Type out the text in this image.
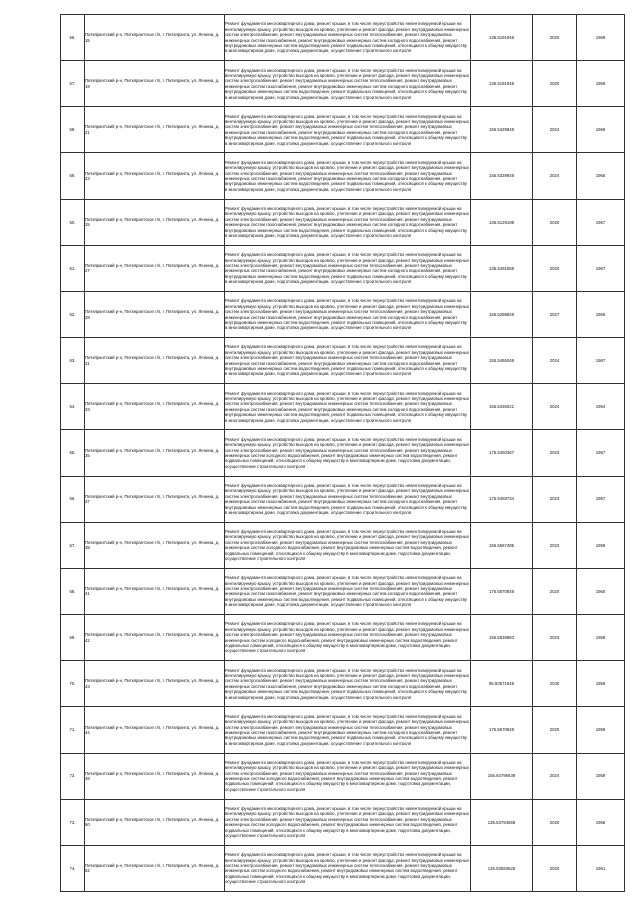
56.	Питкярантский р-н, Питкярантское г/п, г. Питкяранта, ул. Ленина, д. 15	Ремонт фундамента многоквартирного дома, ремонт крыши, в том числе переустройство невентилируемой крыши на вентилируемую крышу, устройство выходов на кровлю, утепление и ремонт фасада, ремонт внутридомовых инженерных систем электроснабжения, ремонт внутридомовых инженерных систем теплоснабжения, ремонт внутридомовых инженерных систем газоснабжения, ремонт внутридомовых инженерных систем холодного водоснабжения, ремонт внутридомовых инженерных систем водоотведения, ремонт подвальных помещений, относящихся к общему имуществу в многоквартирном доме, подготовка документации, осуществление строительного контроля	135.5191948	2020	1969
57.	Питкярантский р-н, Питкярантское г/п, г. Питкяранта, ул. Ленина, д. 19	Ремонт фундамента многоквартирного дома, ремонт крыши, в том числе переустройство невентилируемой крыши на вентилируемую крышу, устройство выходов на кровлю, утепление и ремонт фасада, ремонт внутридомовых инженерных систем электроснабжения, ремонт внутридомовых инженерных систем теплоснабжения, ремонт внутридомовых инженерных систем газоснабжения, ремонт внутридомовых инженерных систем холодного водоснабжения, ремонт внутридомовых инженерных систем водоотведения, ремонт подвальных помещений, относящихся к общему имуществу в многоквартирном доме, подготовка документации, осуществление строительного контроля	135.5191948	2020	1969
58.	Питкярантский р-н, Питкярантское г/п, г. Питкяранта, ул. Ленина, д. 21	Ремонт фундамента многоквартирного дома, ремонт крыши, в том числе переустройство невентилируемой крыши на вентилируемую крышу, устройство выходов на кровлю, утепление и ремонт фасада, ремонт внутридомовых инженерных систем электроснабжения, ремонт внутридомовых инженерных систем теплоснабжения, ремонт внутридомовых инженерных систем газоснабжения, ремонт внутридомовых инженерных систем холодного водоснабжения, ремонт внутридомовых инженерных систем водоотведения, ремонт подвальных помещений, относящихся к общему имуществу в многоквартирном доме, подготовка документации, осуществление строительного контроля	155.5429848	2024	1969
59.	Питкярантский р-н, Питкярантское г/п, г. Питкяранта, ул. Ленина, д. 23	Ремонт фундамента многоквартирного дома, ремонт крыши, в том числе переустройство невентилируемой крыши на вентилируемую крышу, устройство выходов на кровлю, утепление и ремонт фасада, ремонт внутридомовых инженерных систем электроснабжения, ремонт внутридомовых инженерных систем теплоснабжения, ремонт внутридомовых инженерных систем газоснабжения, ремонт внутридомовых инженерных систем холодного водоснабжения, ремонт внутридомовых инженерных систем водоотведения, ремонт подвальных помещений, относящихся к общему имуществу в многоквартирном доме, подготовка документации, осуществление строительного контроля	155.5329848	2024	1966
60.	Питкярантский р-н, Питкярантское г/п, г. Питкяранта, ул. Ленина, д. 25	Ремонт фундамента многоквартирного дома, ремонт крыши, в том числе переустройство невентилируемой крыши на вентилируемую крышу, устройство выходов на кровлю, утепление и ремонт фасада, ремонт внутридомовых инженерных систем электроснабжения, ремонт внутридомовых инженерных систем теплоснабжения, ремонт внутридомовых инженерных систем газоснабжения, ремонт внутридомовых инженерных систем холодного водоснабжения, ремонт внутридомовых инженерных систем водоотведения, ремонт подвальных помещений, относящихся к общему имуществу в многоквартирном доме, подготовка документации, осуществление строительного контроля	135.5129198	2020	1967
61.	Питкярантский р-н, Питкярантское г/п, г. Питкяранта, ул. Ленина, д. 27	Ремонт фундамента многоквартирного дома, ремонт крыши, в том числе переустройство невентилируемой крыши на вентилируемую крышу, устройство выходов на кровлю, утепление и ремонт фасада, ремонт внутридомовых инженерных систем электроснабжения, ремонт внутридомовых инженерных систем теплоснабжения, ремонт внутридомовых инженерных систем газоснабжения, ремонт внутридомовых инженерных систем холодного водоснабжения, ремонт внутридомовых инженерных систем водоотведения, ремонт подвальных помещений, относящихся к общему имуществу в многоквартирном доме, подготовка документации, осуществление строительного контроля	135.5491658	2020	1967
62.	Питкярантский р-н, Питкярантское г/п, г. Питкяранта, ул. Ленина, д. 29	Ремонт фундамента многоквартирного дома, ремонт крыши, в том числе переустройство невентилируемой крыши на вентилируемую крышу, устройство выходов на кровлю, утепление и ремонт фасада, ремонт внутридомовых инженерных систем электроснабжения, ремонт внутридомовых инженерных систем теплоснабжения, ремонт внутридомовых инженерных систем газоснабжения, ремонт внутридомовых инженерных систем холодного водоснабжения, ремонт внутридомовых инженерных систем водоотведения, ремонт подвальных помещений, относящихся к общему имуществу в многоквартирном доме, подготовка документации, осуществление строительного контроля	155.5298848	2027	1966
63.	Питкярантский р-н, Питкярантское г/п, г. Питкяранта, ул. Ленина, д. 31	Ремонт фундамента многоквартирного дома, ремонт крыши, в том числе переустройство невентилируемой крыши на вентилируемую крышу, устройство выходов на кровлю, утепление и ремонт фасада, ремонт внутридомовых инженерных систем электроснабжения, ремонт внутридомовых инженерных систем теплоснабжения, ремонт внутридомовых инженерных систем газоснабжения, ремонт внутридомовых инженерных систем холодного водоснабжения, ремонт внутридомовых инженерных систем водоотведения, ремонт подвальных помещений, относящихся к общему имуществу в многоквартирном доме, подготовка документации, осуществление строительного контроля	155.5465048	2024	1967
64.	Питкярантский р-н, Питкярантское г/п, г. Питкяранта, ул. Ленина, д. 33	Ремонт фундамента многоквартирного дома, ремонт крыши, в том числе переустройство невентилируемой крыши на вентилируемую крышу, устройство выходов на кровлю, утепление и ремонт фасада, ремонт внутридомовых инженерных систем электроснабжения, ремонт внутридомовых инженерных систем теплоснабжения, ремонт внутридомовых инженерных систем газоснабжения, ремонт внутридомовых инженерных систем холодного водоснабжения, ремонт внутридомовых инженерных систем водоотведения, ремонт подвальных помещений, относящихся к общему имуществу в многоквартирном доме, подготовка документации, осуществление строительного контроля	155.5436021	2024	1964
65.	Питкярантский р-н, Питкярантское г/п, г. Питкяранта, ул. Ленина, д. 35	Ремонт фундамента многоквартирного дома, ремонт крыши, в том числе переустройство невентилируемой крыши на вентилируемую крышу, устройство выходов на кровлю, утепление и ремонт фасада, ремонт внутридомовых инженерных систем электроснабжения, ремонт внутридомовых инженерных систем теплоснабжения, ремонт внутридомовых инженерных систем холодного водоснабжения, ремонт внутридомовых инженерных систем водоотведения, ремонт подвальных помещений, относящихся к общему имуществу в многоквартирном доме, подготовка документации, осуществление строительного контроля	175.5450367	2023	1957
66.	Питкярантский р-н, Питкярантское г/п, г. Питкяранта, ул. Ленина, д. 37	Ремонт фундамента многоквартирного дома, ремонт крыши, в том числе переустройство невентилируемой крыши на вентилируемую крышу, устройство выходов на кровлю, утепление и ремонт фасада, ремонт внутридомовых инженерных систем электроснабжения, ремонт внутридомовых инженерных систем теплоснабжения, ремонт внутридомовых инженерных систем газоснабжения, ремонт внутридомовых инженерных систем холодного водоснабжения, ремонт внутридомовых инженерных систем водоотведения, ремонт подвальных помещений, относящихся к общему имуществу в многоквартирном доме, подготовка документации, осуществление строительного контроля	175.5459734	2023	1957
67.	Питкярантский р-н, Питкярантское г/п, г. Питкяранта, ул. Ленина, д. 39	Ремонт фундамента многоквартирного дома, ремонт крыши, в том числе переустройство невентилируемой крыши на вентилируемую крышу, устройство выходов на кровлю, утепление и ремонт фасада, ремонт внутридомовых инженерных систем электроснабжения, ремонт внутридомовых инженерных систем теплоснабжения, ремонт внутридомовых инженерных систем холодного водоснабжения, ремонт внутридомовых инженерных систем водоотведения, ремонт подвальных помещений, относящихся к общему имуществу в многоквартирном доме, подготовка документации, осуществление строительного контроля	155.5567485	2023	1959
68.	Питкярантский р-н, Питкярантское г/п, г. Питкяранта, ул. Ленина, д. 41	Ремонт фундамента многоквартирного дома, ремонт крыши, в том числе переустройство невентилируемой крыши на вентилируемую крышу, устройство выходов на кровлю, утепление и ремонт фасада, ремонт внутридомовых инженерных систем электроснабжения, ремонт внутридомовых инженерных систем теплоснабжения, ремонт внутридомовых инженерных систем газоснабжения, ремонт внутридомовых инженерных систем холодного водоснабжения, ремонт внутридомовых инженерных систем водоотведения, ремонт подвальных помещений, относящихся к общему имуществу в многоквартирном доме, подготовка документации, осуществление строительного контроля	175.5570848	2020	1960
69.	Питкярантский р-н, Питкярантское г/п, г. Питкяранта, ул. Ленина, д. 42	Ремонт фундамента многоквартирного дома, ремонт крыши, в том числе переустройство невентилируемой крыши на вентилируемую крышу, устройство выходов на кровлю, утепление и ремонт фасада, ремонт внутридомовых инженерных систем электроснабжения, ремонт внутридомовых инженерных систем теплоснабжения, ремонт внутридомовых инженерных систем холодного водоснабжения, ремонт внутридомовых инженерных систем водоотведения, ремонт подвальных помещений, относящихся к общему имуществу в многоквартирном доме, подготовка документации, осуществление строительного контроля	155.5539883	2023	1958
70.	Питкярантский р-н, Питкярантское г/п, г. Питкяранта, ул. Ленина, д. 43	Ремонт фундамента многоквартирного дома, ремонт крыши, в том числе переустройство невентилируемой крыши на вентилируемую крышу, устройство выходов на кровлю, утепление и ремонт фасада, ремонт внутридомовых инженерных систем электроснабжения, ремонт внутридомовых инженерных систем теплоснабжения, ремонт внутридомовых инженерных систем газоснабжения, ремонт внутридомовых инженерных систем холодного водоснабжения, ремонт внутридомовых инженерных систем водоотведения, ремонт подвальных помещений, относящихся к общему имуществу в многоквартирном доме, подготовка документации, осуществление строительного контроля	95.50571848	2040	1959
71.	Питкярантский р-н, Питкярантское г/п, г. Питкяранта, ул. Ленина, д. 44	Ремонт фундамента многоквартирного дома, ремонт крыши, в том числе переустройство невентилируемой крыши на вентилируемую крышу, устройство выходов на кровлю, утепление и ремонт фасада, ремонт внутридомовых инженерных систем электроснабжения, ремонт внутридомовых инженерных систем теплоснабжения, ремонт внутридомовых инженерных систем газоснабжения, ремонт внутридомовых инженерных систем холодного водоснабжения, ремонт внутридомовых инженерных систем водоотведения, ремонт подвальных помещений, относящихся к общему имуществу в многоквартирном доме, подготовка документации, осуществление строительного контроля	175.5570848	2020	1959
72.	Питкярантский р-н, Питкярантское г/п, г. Питкяранта, ул. Ленина, д. 48	Ремонт фундамента многоквартирного дома, ремонт крыши, в том числе переустройство невентилируемой крыши на вентилируемую крышу, устройство выходов на кровлю, утепление и ремонт фасада, ремонт внутридомовых инженерных систем электроснабжения, ремонт внутридомовых инженерных систем теплоснабжения, ремонт внутридомовых инженерных систем холодного водоснабжения, ремонт внутридомовых инженерных систем водоотведения, ремонт подвальных помещений, относящихся к общему имуществу в многоквартирном доме, подготовка документации, осуществление строительного контроля	155.54795638	2024	1959
73.	Питкярантский р-н, Питкярантское г/п, г. Питкяранта, ул. Ленина, д. 50	Ремонт фундамента многоквартирного дома, ремонт крыши, в том числе переустройство невентилируемой крыши на вентилируемую крышу, устройство выходов на кровлю, утепление и ремонт фасада, ремонт внутридомовых инженерных систем электроснабжения, ремонт внутридомовых инженерных систем теплоснабжения, ремонт внутридомовых инженерных систем холодного водоснабжения, ремонт внутридомовых инженерных систем водоотведения, ремонт подвальных помещений, относящихся к общему имуществу в многоквартирном доме, подготовка документации, осуществление строительного контроля	135.53794858	2020	1958
74.	Питкярантский р-н, Питкярантское г/п, г. Питкяранта, ул. Ленина, д. 52	Ремонт фундамента многоквартирного дома, ремонт крыши, в том числе переустройство невентилируемой крыши на вентилируемую крышу, устройство выходов на кровлю, утепление и ремонт фасада, ремонт внутридомовых инженерных систем электроснабжения, ремонт внутридомовых инженерных систем теплоснабжения, ремонт внутридомовых инженерных систем холодного водоснабжения, ремонт внутридомовых инженерных систем водоотведения, ремонт подвальных помещений, относящихся к общему имуществу в многоквартирном доме, подготовка документации, осуществление строительного контроля	135.53593628	2020	1961
